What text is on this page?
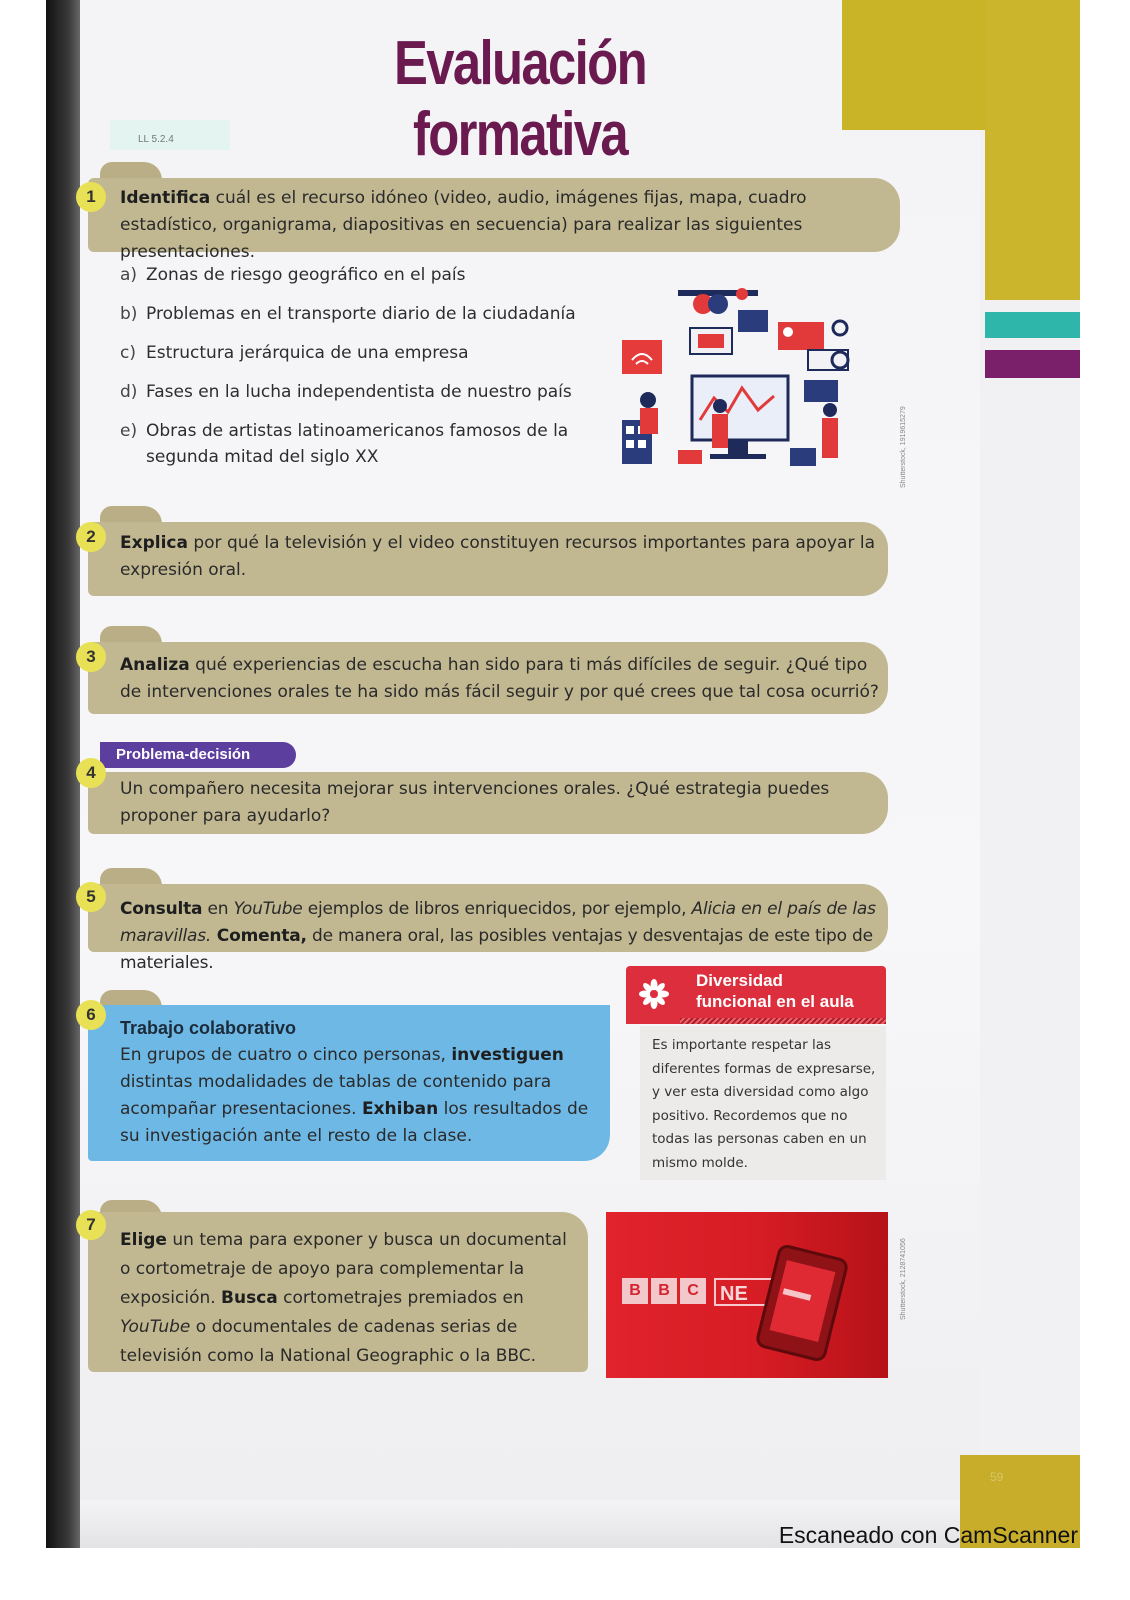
59
Evaluación formativa
LL 5.2.4
1	Identifica cuál es el recurso idóneo (video, audio, imágenes fijas, mapa, cuadro estadístico, organigrama, diapositivas en secuencia) para realizar las siguientes presentaciones.
a) Zonas de riesgo geográfico en el país
b) Problemas en el transporte diario de la ciudadanía
c) Estructura jerárquica de una empresa
d) Fases en la lucha independentista de nuestro país
e) Obras de artistas latinoamericanos famosos de la segunda mitad del siglo XX	Shutterstock, 1919615279
2	Explica por qué la televisión y el video constituyen recursos importantes para apoyar la expresión oral.
3	Analiza qué experiencias de escucha han sido para ti más difíciles de seguir. ¿Qué tipo de intervenciones orales te ha sido más fácil seguir y por qué crees que tal cosa ocurrió?
Problema-decisión
4
Un compañero necesita mejorar sus intervenciones orales. ¿Qué estrategia puedes proponer para ayudarlo?
5
Consulta en YouTube ejemplos de libros enriquecidos, por ejemplo, Alicia en el país de las maravillas. Comenta, de manera oral, las posibles ventajas y desventajas de este tipo de materiales.
6
Trabajo colaborativo
En grupos de cuatro o cinco personas, investiguen distintas modalidades de tablas de contenido para acompañar presentaciones. Exhiban los resultados de su investigación ante el resto de la clase.
Diversidad
funcional en el aula
Es importante respetar las diferentes formas de expresarse, y ver esta diversidad como algo positivo. Recordemos que no todas las personas caben en un mismo molde.
7
Elige un tema para exponer y busca un documental o cortometraje de apoyo para complementar la exposición. Busca cortometrajes premiados en YouTube o documentales de cadenas serias de televisión como la National Geographic o la BBC.
B	B	C	NE	Shutterstock, 2128741056
Escaneado con CamScanner
